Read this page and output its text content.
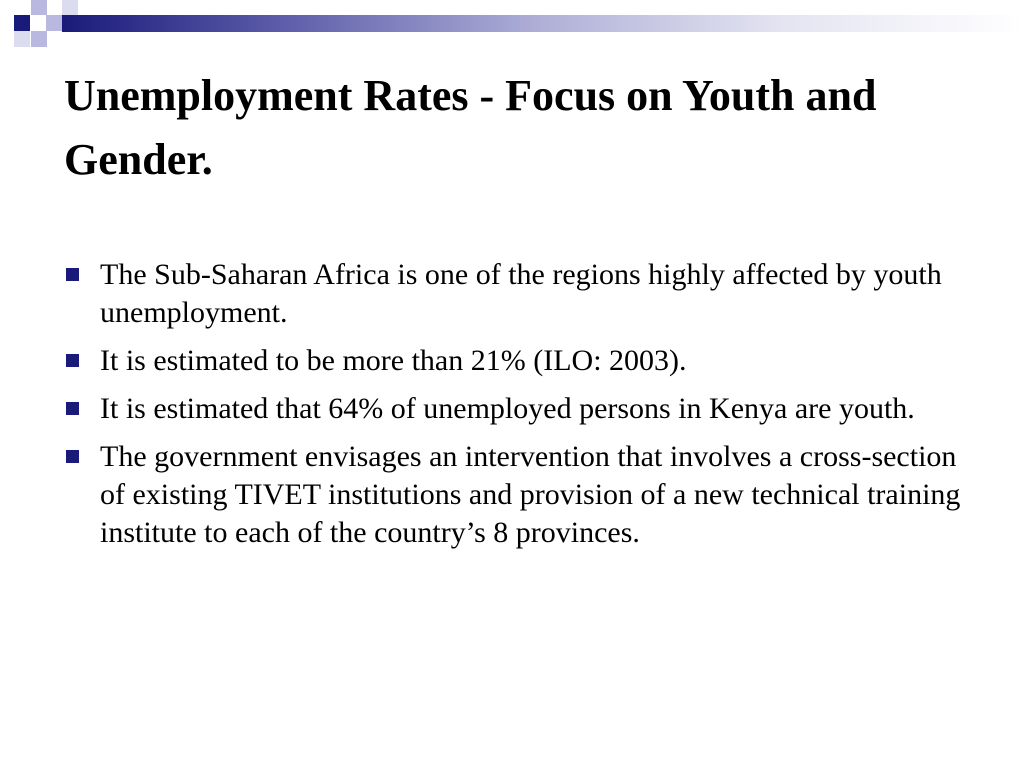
Unemployment Rates - Focus on Youth and Gender.
The Sub-Saharan Africa is one of the regions highly affected by youth unemployment.
It is estimated to be more than 21% (ILO: 2003).
It is estimated that 64% of unemployed persons in Kenya are youth.
The government envisages an intervention that involves a cross-section of existing TIVET institutions and provision of a new technical training institute to each of the country’s 8 provinces.
